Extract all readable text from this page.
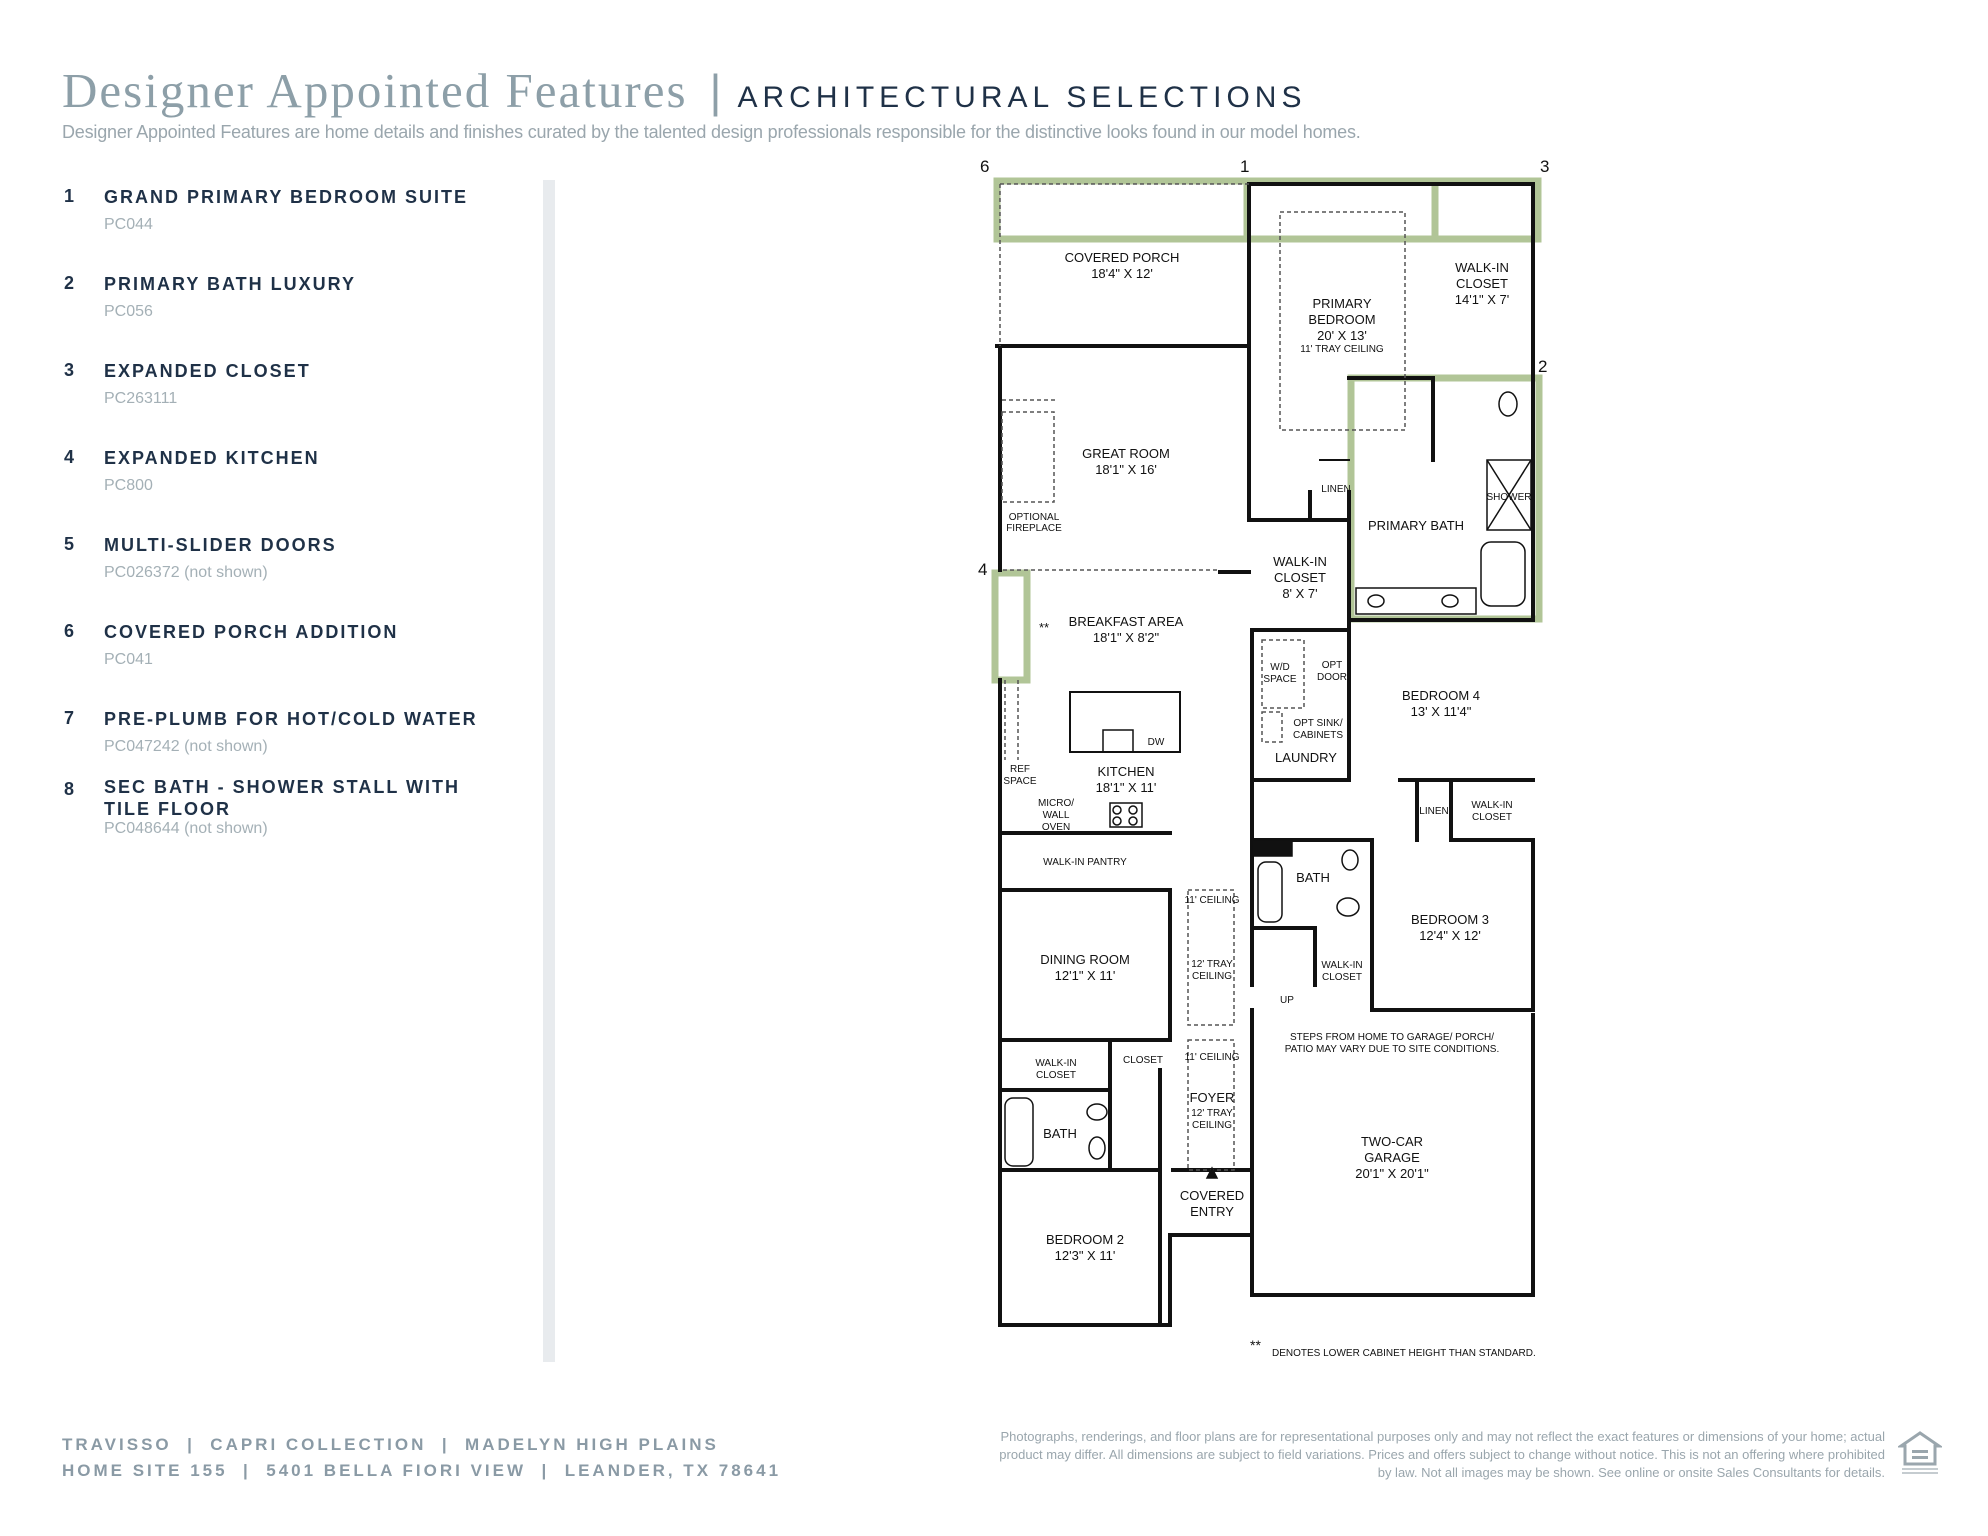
Designer Appointed Features | ARCHITECTURAL SELECTIONS
Designer Appointed Features are home details and finishes curated by the talented design professionals responsible for the distinctive looks found in our model homes.
1 GRAND PRIMARY BEDROOM SUITE
PC044
2 PRIMARY BATH LUXURY
PC056
3 EXPANDED CLOSET
PC263111
4 EXPANDED KITCHEN
PC800
5 MULTI-SLIDER DOORS
PC026372 (not shown)
6 COVERED PORCH ADDITION
PC041
7 PRE-PLUMB FOR HOT/COLD WATER
PC047242 (not shown)
8 SEC BATH - SHOWER STALL WITH TILE FLOOR
PC048644 (not shown)
6	1	3
2
4
COVERED PORCH
18'4" X 12'
PRIMARY
BEDROOM
20' X 13'
11' TRAY CEILING
WALK-IN
CLOSET
14'1" X 7'
GREAT ROOM
18'1" X 16'
OPTIONAL
FIREPLACE
LINEN
SHOWER
PRIMARY BATH
WALK-IN
CLOSET
8' X 7'
BREAKFAST AREA
18'1" X 8'2"
**
W/D
SPACE
OPT
DOOR
OPT SINK/
CABINETS
LAUNDRY
DW
BEDROOM 4
13' X 11'4"
REF
SPACE
KITCHEN
18'1" X 11'
MICRO/
WALL
OVEN
LINEN
WALK-IN
CLOSET
WALK-IN PANTRY
BATH
BEDROOM 3
12'4" X 12'
11' CEILING
12' TRAY
CEILING
DINING ROOM
12'1" X 11'
WALK-IN
CLOSET
UP
STEPS FROM HOME TO GARAGE/ PORCH/
PATIO MAY VARY DUE TO SITE CONDITIONS.
WALK-IN
CLOSET
CLOSET 11' CEILING
FOYER
12' TRAY
CEILING
BATH
TWO-CAR
GARAGE
20'1" X 20'1"
COVERED
ENTRY
BEDROOM 2
12'3" X 11'
**
DENOTES LOWER CABINET HEIGHT THAN STANDARD.
TRAVISSO  |  CAPRI COLLECTION  |  MADELYN HIGH PLAINS
HOME SITE 155  |  5401 BELLA FIORI VIEW  |  LEANDER, TX 78641
Photographs, renderings, and floor plans are for representational purposes only and may not reflect the exact features or dimensions of your home; actual product may differ. All dimensions are subject to field variations. Prices and offers subject to change without notice. This is not an offering where prohibited by law. Not all images may be shown. See online or onsite Sales Consultants for details.
